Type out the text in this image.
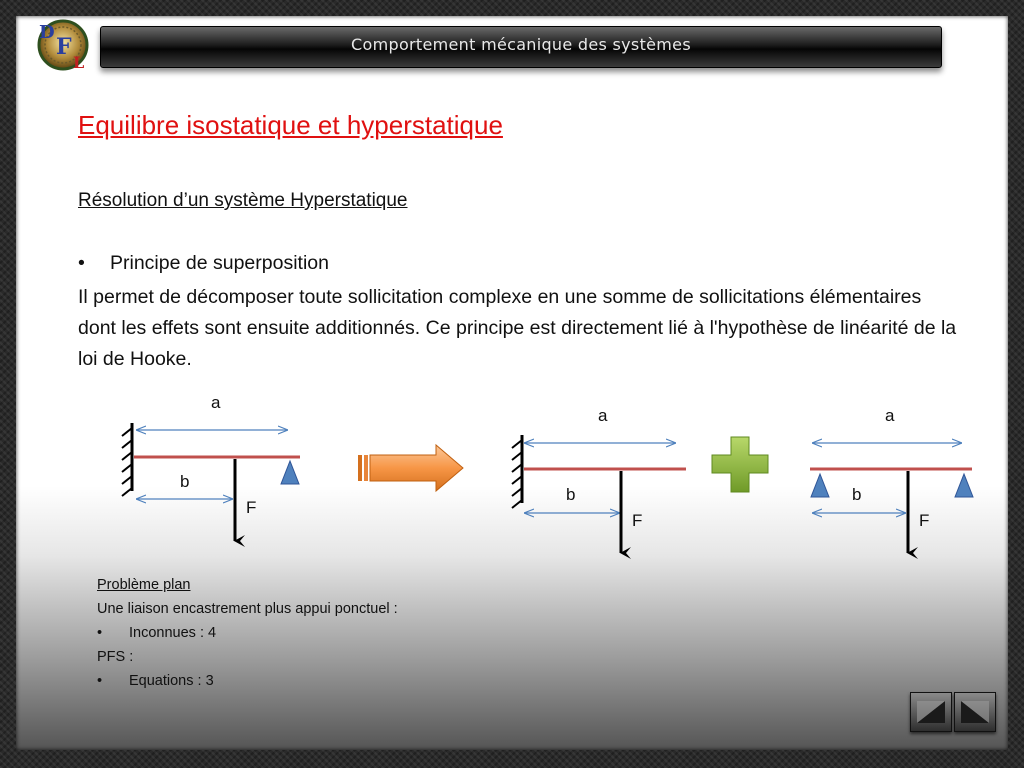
D
F
L
Comportement mécanique des systèmes
Equilibre isostatique et hyperstatique
Résolution d’un système Hyperstatique
• Principe de superposition
Il permet de décomposer toute sollicitation complexe en une somme de sollicitations élémentaires dont les effets sont ensuite additionnés. Ce principe est directement lié à l'hypothèse de linéarité de la loi de Hooke.
a
b
F
a
b
F
a
b
F
Problème plan
Une liaison encastrement plus appui ponctuel :
• Inconnues : 4
PFS :
• Equations : 3
